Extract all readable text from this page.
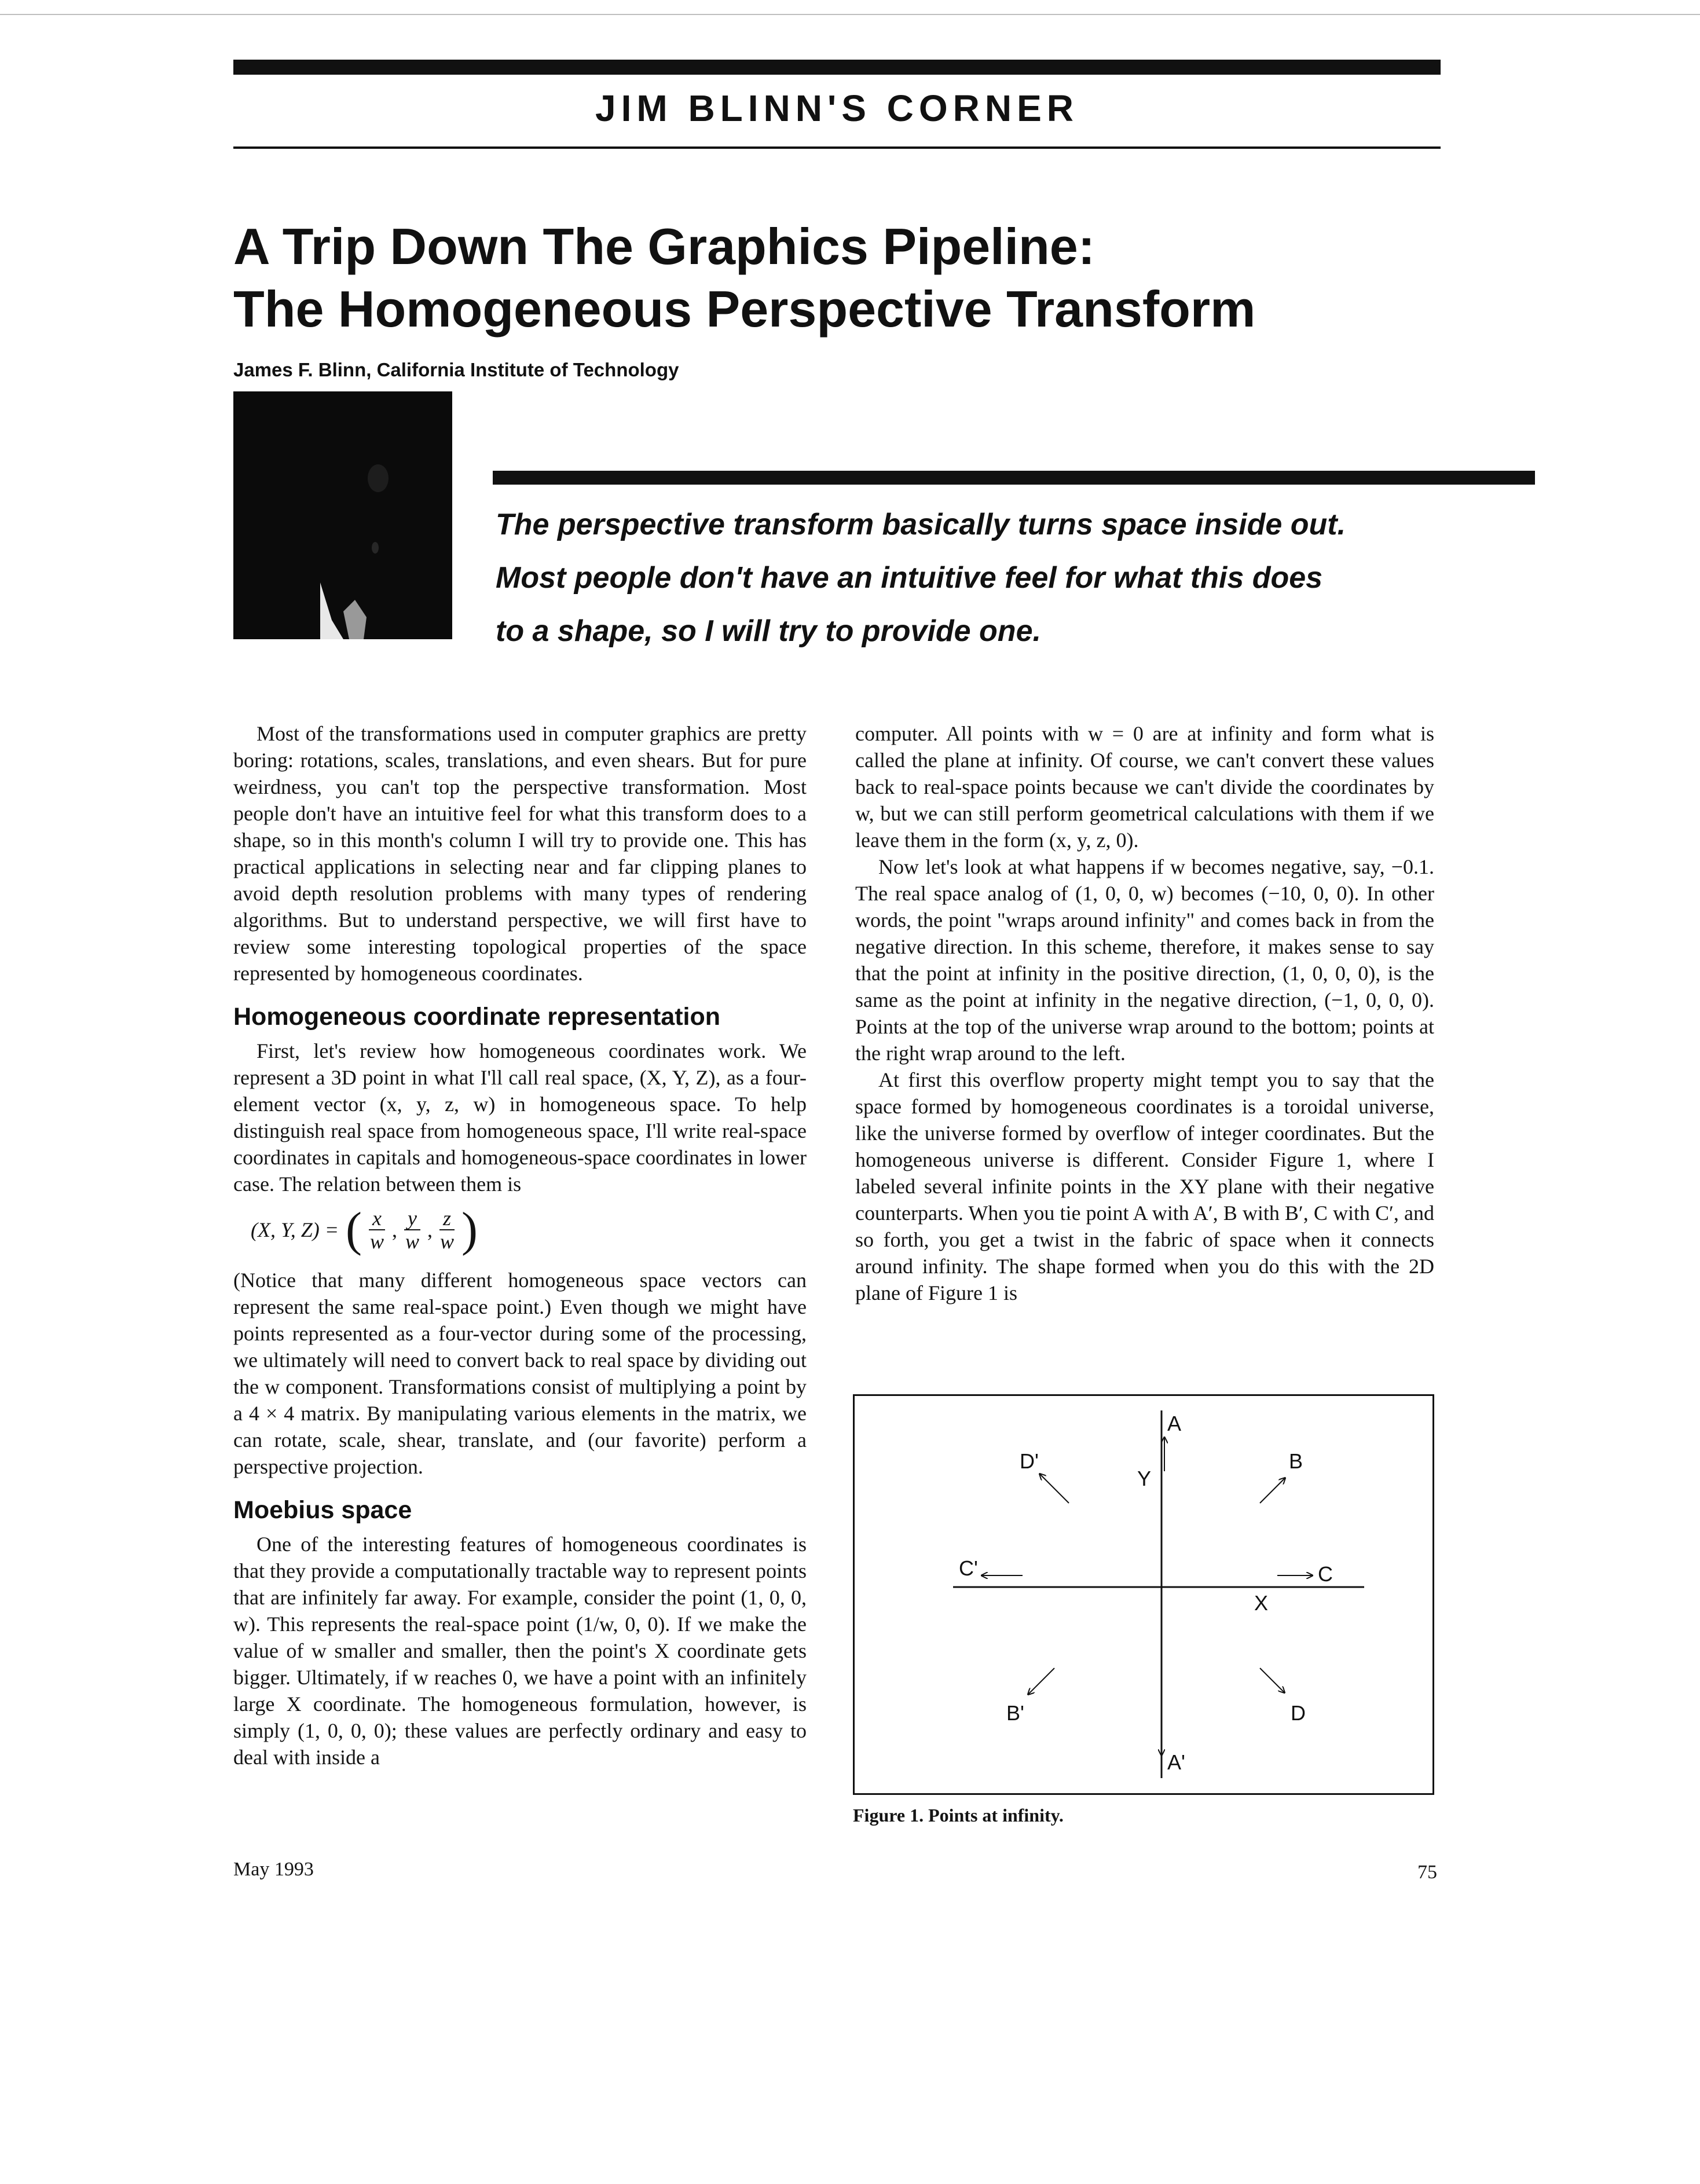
JIM BLINN'S CORNER
A Trip Down The Graphics Pipeline:
The Homogeneous Perspective Transform
James F. Blinn, California Institute of Technology
The perspective transform basically turns space inside out.
Most people don't have an intuitive feel for what this does
to a shape, so I will try to provide one.

Most of the transformations used in computer graphics are pretty boring: rotations, scales, translations, and even shears. But for pure weirdness, you can't top the perspective transformation. Most people don't have an intuitive feel for what this transform does to a shape, so in this month's column I will try to provide one. This has practical applications in selecting near and far clipping planes to avoid depth resolution problems with many types of rendering algorithms. But to understand perspective, we will first have to review some interesting topological properties of the space represented by homogeneous coordinates.

Homogeneous coordinate representation

First, let's review how homogeneous coordinates work. We represent a 3D point in what I'll call real space, (X, Y, Z), as a four-element vector (x, y, z, w) in homogeneous space. To help distinguish real space from homogeneous space, I'll write real-space coordinates in capitals and homogeneous-space coordinates in lower case. The relation between them is

(X, Y, Z) = ( $\frac{x}{w}$ , $\frac{y}{w}$ , $\frac{z}{w}$ )

(Notice that many different homogeneous space vectors can represent the same real-space point.) Even though we might have points represented as a four-vector during some of the processing, we ultimately will need to convert back to real space by dividing out the w component. Transformations consist of multiplying a point by a 4 × 4 matrix. By manipulating various elements in the matrix, we can rotate, scale, shear, translate, and (our favorite) perform a perspective projection.

Moebius space

One of the interesting features of homogeneous coordinates is that they provide a computationally tractable way to represent points that are infinitely far away. For example, consider the point (1, 0, 0, w). This represents the real-space point (1/w, 0, 0). If we make the value of w smaller and smaller, then the point's X coordinate gets bigger. Ultimately, if w reaches 0, we have a point with an infinitely large X coordinate. The homogeneous formulation, however, is simply (1, 0, 0, 0); these values are perfectly ordinary and easy to deal with inside a

computer. All points with w = 0 are at infinity and form what is called the plane at infinity. Of course, we can't convert these values back to real-space points because we can't divide the coordinates by w, but we can still perform geometrical calculations with them if we leave them in the form (x, y, z, 0).

Now let's look at what happens if w becomes negative, say, −0.1. The real space analog of (1, 0, 0, w) becomes (−10, 0, 0). In other words, the point "wraps around infinity" and comes back in from the negative direction. In this scheme, therefore, it makes sense to say that the point at infinity in the positive direction, (1, 0, 0, 0), is the same as the point at infinity in the negative direction, (−1, 0, 0, 0). Points at the top of the universe wrap around to the bottom; points at the right wrap around to the left.

At first this overflow property might tempt you to say that the space formed by homogeneous coordinates is a toroidal universe, like the universe formed by overflow of integer coordinates. But the homogeneous universe is different. Consider Figure 1, where I labeled several infinite points in the XY plane with their negative counterparts. When you tie point A with A′, B with B′, C with C′, and so forth, you get a twist in the fabric of space when it connects around infinity. The shape formed when you do this with the 2D plane of Figure 1 is

A
A'
B
B'
C
C'
D
D'
X
Y
Figure 1. Points at infinity.
May 1993	75
